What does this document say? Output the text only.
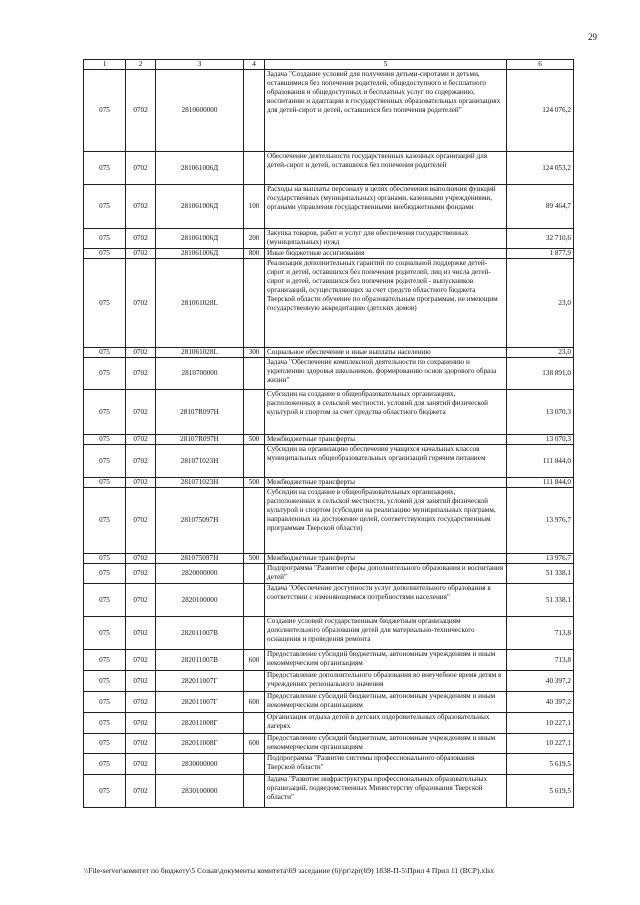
29
1	2	3	4	5	6
075	0702	2810600000		Задача "Создание условий для получения детьми-сиротами и детьми, оставшимися без попечения родителей, общедоступного и бесплатного образования и общедоступных и бесплатных услуг по содержанию, воспитанию и адаптации в государственных образовательных организациях для детей-сирот и детей, оставшихся без попечения родителей"	124 076,2
075	0702	281061006Д		Обеспечение деятельности государственных казенных организаций для детей-сирот и детей, оставшихся без попечения родителей	124 053,2
075	0702	281061006Д	100	Расходы на выплаты персоналу в целях обеспечения выполнения функций государственных (муниципальных) органами, казенными учреждениями, органами управления государственными внебюджетными фондами	89 464,7
075	0702	281061006Д	200	Закупка товаров, работ и услуг для обеспечения государственных (муниципальных) нужд	32 710,6
075	0702	281061006Д	800	Иные бюджетные ассигнования	1 877,9
075	0702	281061028L		Реализация дополнительных гарантий по социальной поддержке детей-сирот и детей, оставшихся без попечения родителей, лиц из числа детей-сирот и детей, оставшихся без попечения родителей - выпускников организаций, осуществляющих за счет средств областного бюджета Тверской области обучение по образовательным программам, не имеющим государственную аккредитацию (детских домов)	23,0
075	0702	281061028L	300	Социальное обеспечение и иные выплаты населению	23,0
075	0702	2810700000		Задача "Обеспечение комплексной деятельности по сохранению и укреплению здоровья школьников, формированию основ здорового образа жизни"	138 891,0
075	0702	28107R097H		Субсидии на создание в общеобразовательных организациях, расположенных в сельской местности, условий для занятий физической культурой и спортом за счет средства областного бюджета	13 070,3
075	0702	28107R097H	500	Межбюджетные трансферты	13 070,3
075	0702	281071023H		Субсидии на организацию обеспечения учащихся начальных классов муниципальных общеобразовательных организаций горячим питанием	111 844,0
075	0702	281071023H	500	Межбюджетные трансферты	111 844,0
075	0702	281075097H		Субсидии на создание в общеобразовательных организациях, расположенных в сельской местности, условий для занятий физической культурой и спортом (субсидии на реализацию муниципальных программ, направленных на достижение целей, соответствующих государственным программам Тверской области)	13 976,7
075	0702	281075097H	500	Межбюджетные трансферты	13 976,7
075	0702	2820000000		Подпрограмма "Развитие сферы дополнительного образования и воспитания детей"	51 338,1
075	0702	2820100000		Задача "Обеспечение доступности услуг дополнительного образования в соответствии с изменяющимися потребностями населения"	51 338,1
075	0702	282011007B		Создание условий государственным бюджетным организациям дополнительного образования детей для материально-технического оснащения и проведения ремонта	713,8
075	0702	282011007B	600	Предоставление субсидий бюджетным, автономным учреждениям и иным некоммерческим организациям	713,8
075	0702	282011007Г		Предоставление дополнительного образования во внеучебное время детям в учреждениях регионального значения	40 397,2
075	0702	282011007Г	600	Предоставление субсидий бюджетным, автономным учреждениям и иным некоммерческим организациям	40 397,2
075	0702	282011008Г		Организация отдыха детей в детских оздоровительных образовательных лагерях	10 227,1
075	0702	282011008Г	600	Предоставление субсидий бюджетным, автономным учреждениям и иным некоммерческим организациям	10 227,1
075	0702	2830000000		Подпрограмма "Развитие системы профессионального образования Тверской области"	5 619,5
075	0702	2830100000		Задача "Развитие инфраструктуры профессиональных образовательных организаций, подведомственных Министерству образования Тверской области"	5 619,5
\\File-server\комитет по бюджету\5 Созыв\документы комитета\69 заседание (6)\pr\zpr(69) 1838-П-5\Прил 4 Прил 11 (ВСР).xlsx
